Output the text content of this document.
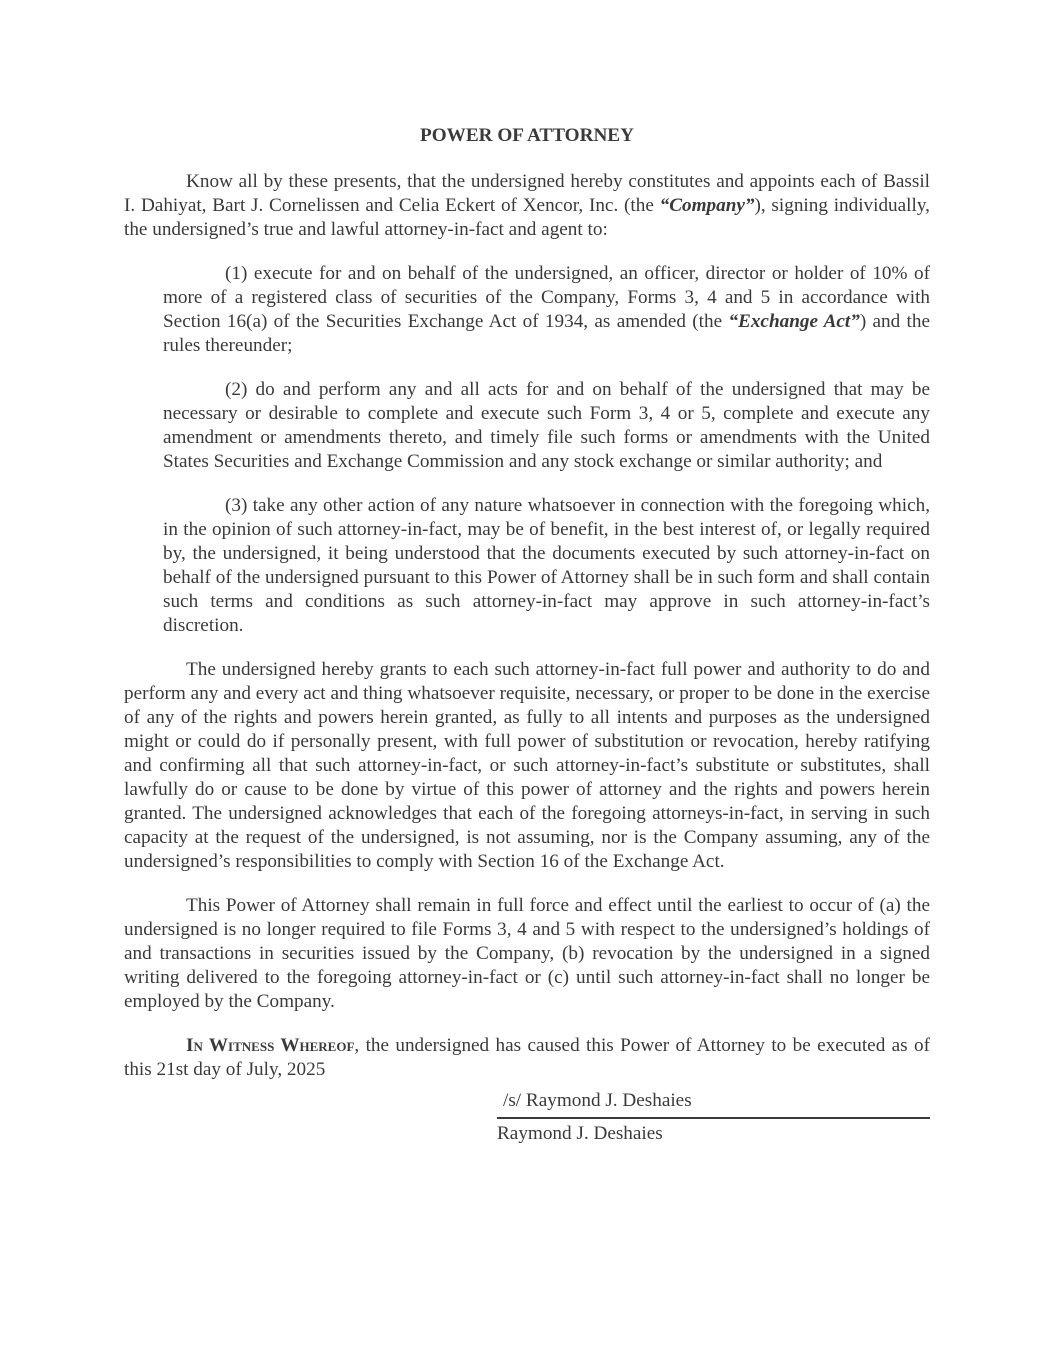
POWER OF ATTORNEY

Know all by these presents, that the undersigned hereby constitutes and appoints each of Bassil I. Dahiyat, Bart J. Cornelissen and Celia Eckert of Xencor, Inc. (the “Company”), signing individually, the undersigned’s true and lawful attorney-in-fact and agent to:

(1) execute for and on behalf of the undersigned, an officer, director or holder of 10% of more of a registered class of securities of the Company, Forms 3, 4 and 5 in accordance with Section 16(a) of the Securities Exchange Act of 1934, as amended (the “Exchange Act”) and the rules thereunder;

(2) do and perform any and all acts for and on behalf of the undersigned that may be necessary or desirable to complete and execute such Form 3, 4 or 5, complete and execute any amendment or amendments thereto, and timely file such forms or amendments with the United States Securities and Exchange Commission and any stock exchange or similar authority; and

(3) take any other action of any nature whatsoever in connection with the foregoing which, in the opinion of such attorney-in-fact, may be of benefit, in the best interest of, or legally required by, the undersigned, it being understood that the documents executed by such attorney-in-fact on behalf of the undersigned pursuant to this Power of Attorney shall be in such form and shall contain such terms and conditions as such attorney-in-fact may approve in such attorney-in-fact’s discretion.

The undersigned hereby grants to each such attorney-in-fact full power and authority to do and perform any and every act and thing whatsoever requisite, necessary, or proper to be done in the exercise of any of the rights and powers herein granted, as fully to all intents and purposes as the undersigned might or could do if personally present, with full power of substitution or revocation, hereby ratifying and confirming all that such attorney-in-fact, or such attorney-in-fact’s substitute or substitutes, shall lawfully do or cause to be done by virtue of this power of attorney and the rights and powers herein granted. The undersigned acknowledges that each of the foregoing attorneys-in-fact, in serving in such capacity at the request of the undersigned, is not assuming, nor is the Company assuming, any of the undersigned’s responsibilities to comply with Section 16 of the Exchange Act.

This Power of Attorney shall remain in full force and effect until the earliest to occur of (a) the undersigned is no longer required to file Forms 3, 4 and 5 with respect to the undersigned’s holdings of and transactions in securities issued by the Company, (b) revocation by the undersigned in a signed writing delivered to the foregoing attorney-in-fact or (c) until such attorney-in-fact shall no longer be employed by the Company.

In Witness Whereof, the undersigned has caused this Power of Attorney to be executed as of this 21st day of July, 2025

/s/ Raymond J. Deshaies
Raymond J. Deshaies
